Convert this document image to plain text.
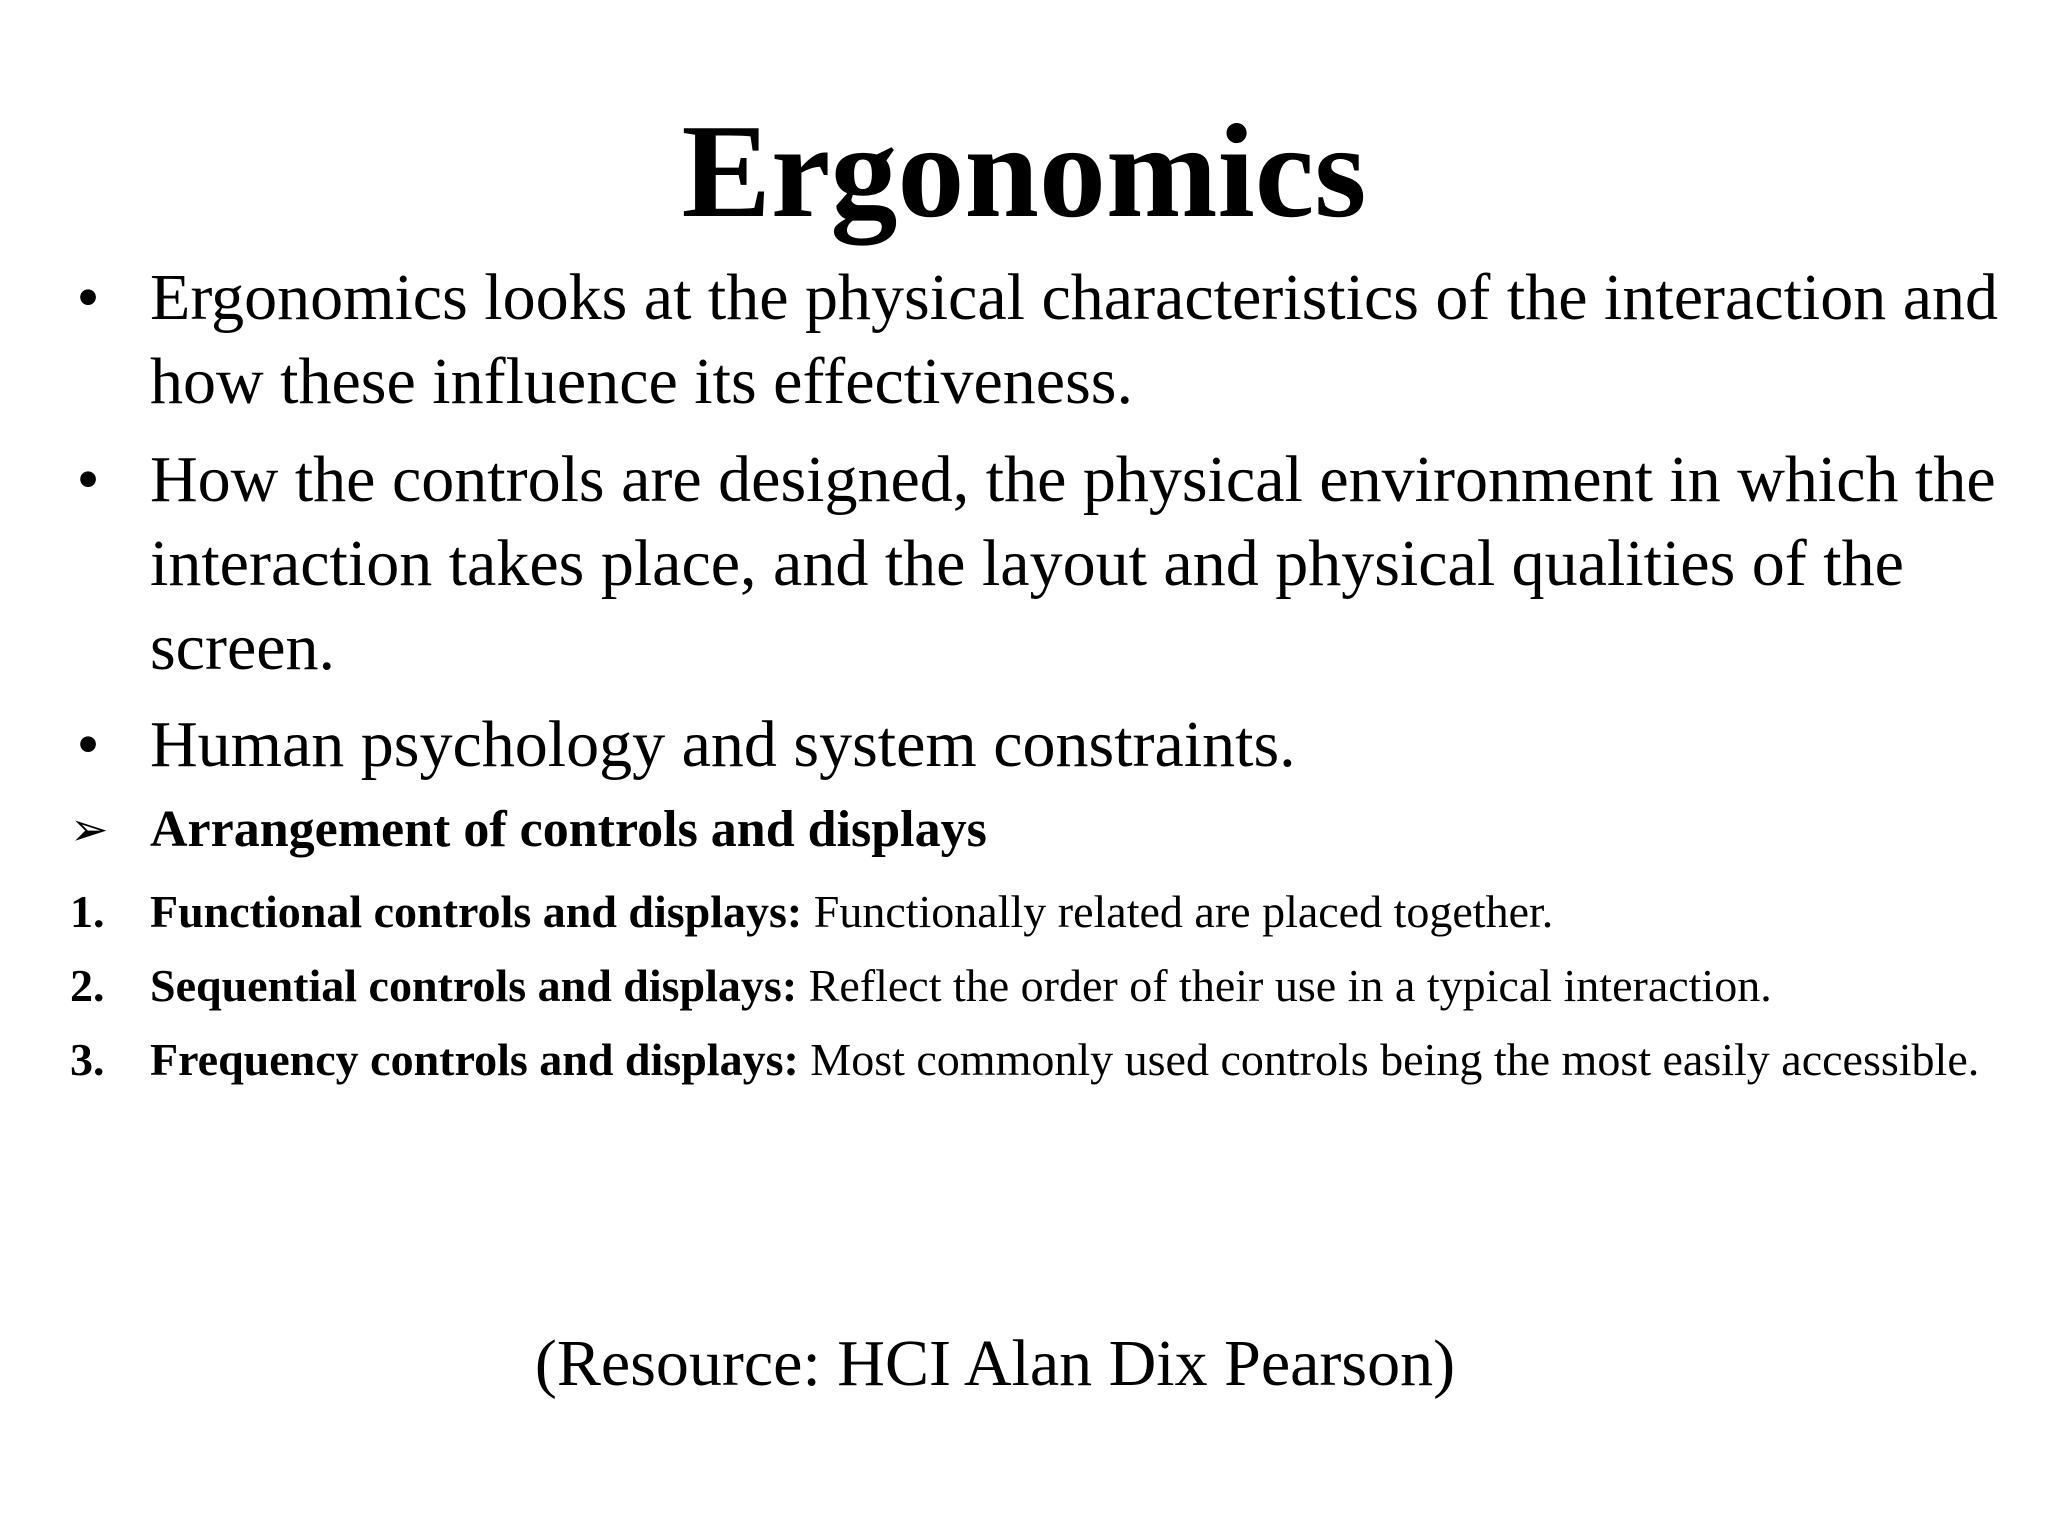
Ergonomics
• Ergonomics looks at the physical characteristics of the interaction and how these influence its effectiveness.
• How the controls are designed, the physical environment in which the interaction takes place, and the layout and physical qualities of the screen.
• Human psychology and system constraints.
➢ Arrangement of controls and displays
1. Functional controls and displays: Functionally related are placed together.
2. Sequential controls and displays: Reflect the order of their use in a typical interaction.
3. Frequency controls and displays: Most commonly used controls being the most easily accessible.
(Resource: HCI Alan Dix Pearson)
